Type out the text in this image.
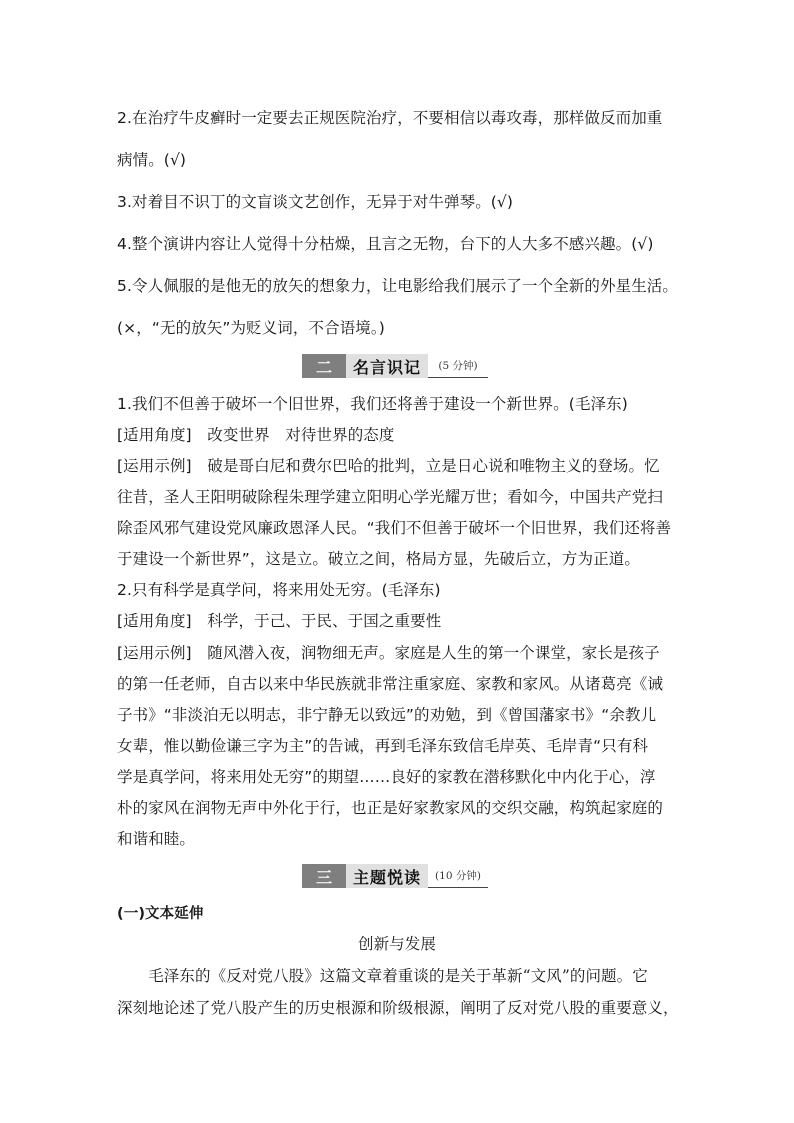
2.在治疗牛皮癣时一定要去正规医院治疗，不要相信以毒攻毒，那样做反而加重
病情。(√)
3.对着目不识丁的文盲谈文艺创作，无异于对牛弹琴。(√)
4.整个演讲内容让人觉得十分枯燥，且言之无物，台下的人大多不感兴趣。(√)
5.令人佩服的是他无的放矢的想象力，让电影给我们展示了一个全新的外星生活。
(×，“无的放矢”为贬义词，不合语境。)
二	名言识记	(5 分钟)
1.我们不但善于破坏一个旧世界，我们还将善于建设一个新世界。(毛泽东)
[适用角度]　改变世界　对待世界的态度
[运用示例]　破是哥白尼和费尔巴哈的批判，立是日心说和唯物主义的登场。忆
往昔，圣人王阳明破除程朱理学建立阳明心学光耀万世；看如今，中国共产党扫
除歪风邪气建设党风廉政恩泽人民。“我们不但善于破坏一个旧世界，我们还将善
于建设一个新世界”，这是立。破立之间，格局方显，先破后立，方为正道。
2.只有科学是真学问，将来用处无穷。(毛泽东)
[适用角度]　科学，于己、于民、于国之重要性
[运用示例]　随风潜入夜，润物细无声。家庭是人生的第一个课堂，家长是孩子
的第一任老师，自古以来中华民族就非常注重家庭、家教和家风。从诸葛亮《诫
子书》“非淡泊无以明志，非宁静无以致远”的劝勉，到《曾国藩家书》“余教儿
女辈，惟以勤俭谦三字为主”的告诫，再到毛泽东致信毛岸英、毛岸青“只有科
学是真学问，将来用处无穷”的期望……良好的家教在潜移默化中内化于心，淳
朴的家风在润物无声中外化于行，也正是好家教家风的交织交融，构筑起家庭的
和谐和睦。
三	主题悦读	(10 分钟)
(一)文本延伸
创新与发展
　　毛泽东的《反对党八股》这篇文章着重谈的是关于革新“文风”的问题。它
深刻地论述了党八股产生的历史根源和阶级根源，阐明了反对党八股的重要意义，
